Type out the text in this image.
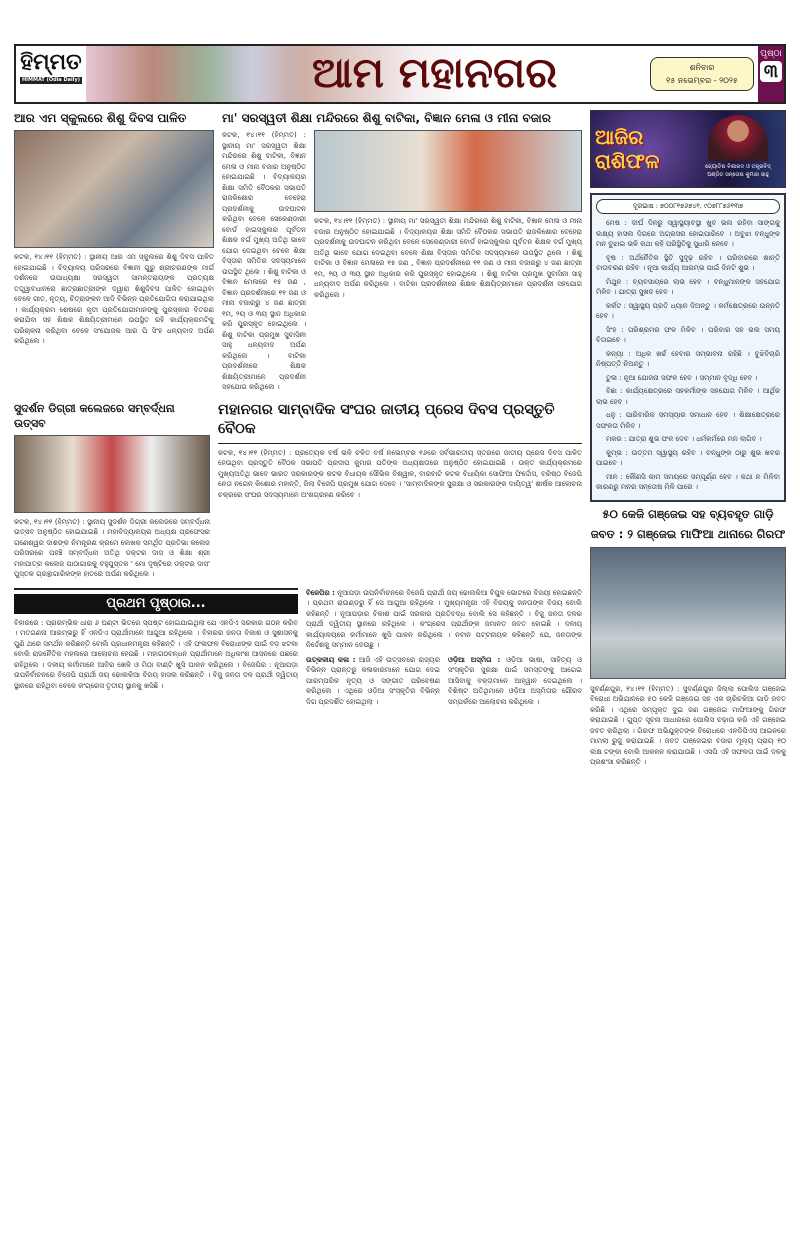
ହିମ୍ମତ
HIMMAT (Odia Daily)	ଆମ ମହାନଗର	ଶନିବାର
୧୫ ନଭେମ୍ବର - ୨୦୨୫
ପୃଷ୍ଠା
୩
ଆର ଏମ ସ୍କୁଲରେ ଶିଶୁ ଦିବସ ପାଳିତ
କଟକ, ୧୪।୧୧ (ହିମ୍ମତ) : ସ୍ଥାନୀୟ ଆର ଏମ ସ୍କୁଲରେ ଶିଶୁ ଦିବସ ପାଳିତ ହୋଇଯାଇଛି । ବିଦ୍ୟାଳୟ ପରିସରରେ ବିଜ୍ଞାନୀ ଗୁରୁ ଶ୍ରୀଚରଣଙ୍କ ମାର୍ଗ ଦର୍ଶନରେ ଉପାଧ୍ୟକ୍ଷା ସରସ୍ୱତୀ ସାମନ୍ତରାୟଙ୍କ ପ୍ରତ୍ୟକ୍ଷ ତତ୍ତ୍ୱାବଧାନରେ ଛାତ୍ରଛାତ୍ରୀଙ୍କ ଦ୍ୱାରା ଶିଶୁଦିବସ ପାଳିତ ହୋଇଥିବା ବେଳେ ଗୀତ, ନୃତ୍ୟ, ଚିତ୍ରାଙ୍କନ ଆଦି ବିଭିନ୍ନ ପ୍ରତିଯୋଗିତା କରାଯାଇଥିଲା । କାର୍ଯ୍ୟକ୍ରମ ଶେଷରେ କୃତୀ ପ୍ରତିଯୋଗୀମାନଙ୍କୁ ପୁରସ୍କାର ବିତରଣ କରାଯିବା ସହ ଶିକ୍ଷକ ଶିକ୍ଷୟିତ୍ରୀମାନେ ଉପସ୍ଥିତ ରହି କାର୍ଯ୍ୟକ୍ରମଟିକୁ ପରିଚାଳନା କରିଥିବା ବେଳେ ସଂଯୋଜକ ଆର ପି ସିଂହ ଧନ୍ୟବାଦ ଅର୍ପଣ କରିଥିଲେ ।
ମା' ସରସ୍ୱତୀ ଶିକ୍ଷା ମନ୍ଦିରରେ ଶିଶୁ ବାଟିକା, ବିଜ୍ଞାନ ମେଳା ଓ ମୀନା ବଜାର
କଟକ, ୧୪।୧୧ (ହିମ୍ମତ) : ସ୍ଥାନୀୟ ମା' ସରସ୍ୱତୀ ଶିକ୍ଷା ମନ୍ଦିରରେ ଶିଶୁ ବାଟିକା, ବିଜ୍ଞାନ ମେଳା ଓ ମୀନା ବଜାର ଅନୁଷ୍ଠିତ ହୋଇଯାଇଛି । ବିଦ୍ୟାଳୟର ଶିକ୍ଷା ସମିତି ବୈଠକର ସଭାପତି ରାଜକିଶୋର ବେହେରା ପ୍ରଦର୍ଶନୀକୁ ଉଦଘାଟନ କରିଥିବା ବେଳେ ସେକେଣ୍ଡାରୀ ବୋର୍ଡ ହାଇସ୍କୁଲର ପୂର୍ବତନ ଶିକ୍ଷକ ବର୍ଗ ମୁଖ୍ୟ ଅତିଥି ଭାବେ ଯୋଗ ଦେଇଥିବା ବେଳେ ଶିକ୍ଷା ବିସ୍ତାର ସମିତିର ସଦସ୍ୟମାନେ ଉପସ୍ଥିତ ଥିଲେ । ଶିଶୁ ବାଟିକା ଓ ବିଜ୍ଞାନ ମେଳାରେ ୧୫ ଜଣ , ବିଜ୍ଞାନ ପ୍ରଦର୍ଶନୀରେ ୧୧ ଜଣ ଓ ମୀନା ବଜାରରୁ ୪ ଜଣ ଛାତ୍ରୀ ୧ମ, ୨ୟ ଓ ୩ୟ ସ୍ଥାନ ଅଧିକାର କରି ପୁରସ୍କୃତ ହୋଇଥିଲେ । ଶିଶୁ ବାଟିକା ପ୍ରମୁଖ ସୁବାସିନୀ ସାହୁ ଧନ୍ୟବାଦ ଅର୍ପଣ କରିଥିଲେ । ବାଟିକା ପ୍ରଦର୍ଶନୀରେ ଶିକ୍ଷକ ଶିକ୍ଷୟିତ୍ରୀମାନେ ପ୍ରଦର୍ଶନୀ ସହଯୋଗ କରିଥିଲେ ।
କଟକ, ୧୪।୧୧ (ହିମ୍ମତ) : ସ୍ଥାନୀୟ ମା' ସରସ୍ୱତୀ ଶିକ୍ଷା ମନ୍ଦିରରେ ଶିଶୁ ବାଟିକା, ବିଜ୍ଞାନ ମେଳା ଓ ମୀନା ବଜାର ଅନୁଷ୍ଠିତ ହୋଇଯାଇଛି । ବିଦ୍ୟାଳୟର ଶିକ୍ଷା ସମିତି ବୈଠକର ସଭାପତି ରାଜକିଶୋର ବେହେରା ପ୍ରଦର୍ଶନୀକୁ ଉଦଘାଟନ କରିଥିବା ବେଳେ ସେକେଣ୍ଡାରୀ ବୋର୍ଡ ହାଇସ୍କୁଲର ପୂର୍ବତନ ଶିକ୍ଷକ ବର୍ଗ ମୁଖ୍ୟ ଅତିଥି ଭାବେ ଯୋଗ ଦେଇଥିବା ବେଳେ ଶିକ୍ଷା ବିସ୍ତାର ସମିତିର ସଦସ୍ୟମାନେ ଉପସ୍ଥିତ ଥିଲେ । ଶିଶୁ ବାଟିକା ଓ ବିଜ୍ଞାନ ମେଳାରେ ୧୫ ଜଣ , ବିଜ୍ଞାନ ପ୍ରଦର୍ଶନୀରେ ୧୧ ଜଣ ଓ ମୀନା ବଜାରରୁ ୪ ଜଣ ଛାତ୍ରୀ ୧ମ, ୨ୟ ଓ ୩ୟ ସ୍ଥାନ ଅଧିକାର କରି ପୁରସ୍କୃତ ହୋଇଥିଲେ । ଶିଶୁ ବାଟିକା ପ୍ରମୁଖ ସୁବାସିନୀ ସାହୁ ଧନ୍ୟବାଦ ଅର୍ପଣ କରିଥିଲେ । ବାଟିକା ପ୍ରଦର୍ଶନୀରେ ଶିକ୍ଷକ ଶିକ୍ଷୟିତ୍ରୀମାନେ ପ୍ରଦର୍ଶନୀ ସହଯୋଗ କରିଥିଲେ ।
ସୁଦର୍ଶନ ଡିଗ୍ରୀ କଲେଜରେ ସମ୍ବର୍ଦ୍ଧନା ଉତ୍ସବ
କଟକ, ୧୪।୧୧ (ହିମ୍ମତ) : ସ୍ଥାନୀୟ ସୁଦର୍ଶନ ଡିଗ୍ରୀ କଲେଜରେ ସମ୍ବର୍ଦ୍ଧନା ଉତ୍ସବ ଅନୁଷ୍ଠିତ ହୋଇଯାଇଛି । ମହାବିଦ୍ୟାଳୟର ଅଧ୍ୟକ୍ଷ ପ୍ରଫେସର ଗଣେଶ୍ୱର ଦାଶଙ୍କ ନିମନ୍ତ୍ରଣ କ୍ରମେ ଲେଖକ ସମର୍ଥିତ ପ୍ରତିଭା କଲେଜ ପରିସରରେ ପହଞ୍ଚି ସମ୍ବର୍ଦ୍ଧନା ଅତିଥି ଡକ୍ଟର ଦାସ ଓ ଶିକ୍ଷା ଶ୍ରୀ ମହାପାତ୍ର କଲେଜ ପାଠାଗାରକୁ ବହୁପୁସ୍ତକ ' ମୋ ଦୃଷ୍ଟିରେ ଡକ୍ଟର ଦାସ' ପୁସ୍ତକ ଗ୍ରନ୍ଥାଗାରିକଙ୍କ ହାତରେ ଅର୍ପଣ କରିଥିଲେ ।
ମହାନଗର ସାମ୍ବାଦିକ ସଂଘର ଜାତୀୟ ପ୍ରେସ ଦିବସ ପ୍ରସ୍ତୁତି ବୈଠକ
କଟକ, ୧୪।୧୧ (ହିମ୍ମତ) : ପ୍ରତ୍ୟେକ ବର୍ଷ ଭଳି ଚଳିତ ବର୍ଷ ନଭେମ୍ବର ୧୬ରେ ସର୍ବଭାରତୀୟ ସ୍ତରରେ ଜାତୀୟ ପ୍ରେସ ଦିବସ ପାଳିତ ହେଉଥିବା ପ୍ରସ୍ତୁତି ବୈଠକ ସଭାପତି ପ୍ରଦୀପ କୁମାର ପତିଙ୍କ ଅଧ୍ୟକ୍ଷତାରେ ଅନୁଷ୍ଠିତ ହୋଇଯାଇଛି । ଉକ୍ତ କାର୍ଯ୍ୟକ୍ରମରେ ମୁଖ୍ୟଅତିଥି ଭାବେ ଭାରତ ସରକାରଙ୍କ କଟକ ବିଧାୟକ ସୌଭିକ ବିଶ୍ୱାଳ, ବାରବାଟି କଟକ ବିଧାୟିକା ସୋଫିଆ ଫିର୍ଦ୍ଦୋସ, ବରିଷ୍ଠ ବିଜେପି ନେତା ନଗେନ କିଶୋର ମହାନ୍ତି, ଜିଲା ବିଜେପି ପ୍ରମୁଖ ଯୋଗ ଦେବେ । 'ସାମ୍ବାଦିକଙ୍କ ସୁରକ୍ଷା ଓ ସରକାରଙ୍କ ଦାୟିତ୍ୱ' ଶୀର୍ଷକ ଆଲୋଚନା ଚକ୍ରରେ ସଂଘର ସଦସ୍ୟମାନେ ଅଂଶଗ୍ରହଣ କରିବେ ।
ପ୍ରଥମ ପୃଷ୍ଠାର...
ବିହାରରେ : ପ୍ରାରମ୍ଭିକ ଧାରା ୬ ଘଣ୍ଟା ଭିତରେ ସ୍ପଷ୍ଟ ହୋଇଯାଇଥିଲା ଯେ ଏନଡିଏ ସରକାର ଗଠନ କରିବ । ମତଗଣନା ଆରମ୍ଭରୁ ହିଁ ଏନଡିଏ ପ୍ରାର୍ଥୀମାନେ ଆଗୁଆ ରହିଥିଲେ । ବିହାରର ଜନତା ବିକାଶ ଓ ସୁଶାସନକୁ ପୁଣି ଥରେ ସମର୍ଥନ କରିଛନ୍ତି ବୋଲି ପ୍ରଧାନମନ୍ତ୍ରୀ କହିଛନ୍ତି । ଏହି ଫଳାଫଳ ବିରୋଧୀଙ୍କ ପାଇଁ ବଡ଼ ଝଟକା ବୋଲି ରାଜନୈତିକ ମହଲରେ ଆଲୋଚନା ହେଉଛି । ମହାଗଠବନ୍ଧନ ପ୍ରାର୍ଥୀମାନେ ଅଧିକାଂଶ ଆସନରେ ପଛରେ ରହିଥିଲେ । ଦଳୀୟ କର୍ମୀମାନେ ଆବିର ଖେଳି ଓ ମିଠା ବାଣ୍ଟି ଖୁସି ପାଳନ କରିଥିଲେ । ବିଜେପିର : ନୂଆପଡ଼ା ଉପନିର୍ବାଚନରେ ବିଜେପି ପ୍ରାର୍ଥୀ ଜୟ ଢୋଲକିଆ ବିଜୟ ହାସଲ କରିଛନ୍ତି । ବିଜୁ ଜନତା ଦଳ ପ୍ରାର୍ଥୀ ଦ୍ୱିତୀୟ ସ୍ଥାନରେ ରହିଥିବା ବେଳେ କଂଗ୍ରେସ ତୃତୀୟ ସ୍ଥାନକୁ ଖସିଛି ।
ବିଜେପିର : ନୂଆପଡ଼ା ଉପନିର୍ବାଚନରେ ବିଜେପି ପ୍ରାର୍ଥୀ ଜୟ ଢୋଲକିଆ ବିପୁଳ ଭୋଟରେ ବିଜୟୀ ହୋଇଛନ୍ତି । ପ୍ରଥମ ରାଉଣ୍ଡରୁ ହିଁ ସେ ଆଗୁଆ ରହିଥିଲେ । ମୁଖ୍ୟମନ୍ତ୍ରୀ ଏହି ବିଜୟକୁ ଜନତାଙ୍କ ବିଜୟ ବୋଲି କହିଛନ୍ତି । ନୂଆପଡ଼ାର ବିକାଶ ପାଇଁ ସରକାର ପ୍ରତିବଦ୍ଧ ବୋଲି ସେ କହିଛନ୍ତି । ବିଜୁ ଜନତା ଦଳର ପ୍ରାର୍ଥୀ ଦ୍ୱିତୀୟ ସ୍ଥାନରେ ରହିଥିଲେ । କଂଗ୍ରେସ ପ୍ରାର୍ଥୀଙ୍କ ଜମାନତ ଜବତ ହୋଇଛି । ଦଳୀୟ କାର୍ଯ୍ୟାଳୟରେ କର୍ମୀମାନେ ଖୁସି ପାଳନ କରିଥିଲେ । ନବୀନ ପଟ୍ଟନାୟକ କହିଛନ୍ତି ଯେ, ଜନତାଙ୍କ ନିର୍ଦ୍ଦେଶକୁ ସମ୍ମାନ ଦେଉଛୁ ।
ଉତ୍କଳୀୟ କଳା : ଆଜି ଏହି ଉତ୍ସବରେ ରାଜ୍ୟର ବିଭିନ୍ନ ପ୍ରାନ୍ତରୁ କଳାକାରମାନେ ଯୋଗ ଦେଇ ପାରମ୍ପରିକ ନୃତ୍ୟ ଓ ସଙ୍ଗୀତ ପରିବେଷଣ କରିଥିଲେ । ଏଥିରେ ଓଡ଼ିଆ ସଂସ୍କୃତିର ବିଭିନ୍ନ ଦିଗ ପ୍ରଦର୍ଶିତ ହୋଇଥିଲା ।
ଓଡ଼ିଆ ଅସ୍ମିତା : ଓଡ଼ିଆ ଭାଷା, ସାହିତ୍ୟ ଓ ସଂସ୍କୃତିର ସୁରକ୍ଷା ପାଇଁ ସମସ୍ତଙ୍କୁ ଆଗେଇ ଆସିବାକୁ ବକ୍ତାମାନେ ଆହ୍ୱାନ ଦେଇଥିଲେ । ବିଶିଷ୍ଟ ଅତିଥିମାନେ ଓଡ଼ିଆ ଅସ୍ମିତାର ଗୌରବ ସମ୍ପର୍କରେ ଆଲୋଚନା କରିଥିଲେ ।
ଆଜିର ରାଶିଫଳ	ଜ୍ୟୋତିଷ ବିଶାରଦ ଓ ତନ୍ତ୍ରବିଦ୍
ପଣ୍ଡିତ ସନ୍ତୋଷ କୁମାର ସାହୁ
ଦୂରଭାଷ : ୭୦୦୮୧୭୬୭୪୧, ୯୦୭୮୮୭୬୧୩୭

ମେଷ : ଦୀର୍ଘ ଦିନରୁ ସ୍ୱାସ୍ଥ୍ୟାବସ୍ଥା ଖୁବ ଭଲ ରହିବା ସାଙ୍ଗକୁ ଲକ୍ଷ୍ୟ ହାସଲ ଦିଗରେ ଅଗ୍ରସର ହୋଇପାରିବେ । ଅବୁଝା ବନ୍ଧୁଙ୍କ ମନ ବୁଝାଇ ଭଳି କଥା କହି ପରିସ୍ଥିତିକୁ ସୁଧାରି ନେବେ ।

ବୃଷ : ଅର୍ଥନୈତିକ ସ୍ଥିତି ସୁଦୃଢ଼ ରହିବ । ପରିବାରରେ ଶାନ୍ତି ବାତାବରଣ ରହିବ । ନୂଆ କାର୍ଯ୍ୟ ଆରମ୍ଭ ପାଇଁ ଦିନଟି ଶୁଭ ।

ମିଥୁନ : ବ୍ୟବସାୟରେ ଲାଭ ହେବ । ବନ୍ଧୁମାନଙ୍କ ସହଯୋଗ ମିଳିବ । ଯାତ୍ରା ସୁଖଦ ହେବ ।

କର୍କଟ : ସ୍ୱାସ୍ଥ୍ୟ ପ୍ରତି ଧ୍ୟାନ ଦିଅନ୍ତୁ । କର୍ମକ୍ଷେତ୍ରରେ ଉନ୍ନତି ହେବ ।

ସିଂହ : ପରିଶ୍ରମର ଫଳ ମିଳିବ । ପରିବାର ସହ ଭଲ ସମୟ ବିତାଇବେ ।

କନ୍ୟା : ଅଧିକ ଖର୍ଚ୍ଚ ହେବାର ସମ୍ଭାବନା ରହିଛି । ବୁଝିବିଚାରି ନିଷ୍ପତ୍ତି ନିଅନ୍ତୁ ।

ତୁଳା : ନୂଆ ଯୋଜନା ସଫଳ ହେବ । ସମ୍ମାନ ବୃଦ୍ଧି ହେବ ।

ବିଛା : କାର୍ଯ୍ୟକ୍ଷେତ୍ରରେ ସହକର୍ମୀଙ୍କ ସହଯୋଗ ମିଳିବ । ଆର୍ଥିକ ଲାଭ ହେବ ।

ଧନୁ : ପାରିବାରିକ ସମସ୍ୟାର ସମାଧାନ ହେବ । ଶିକ୍ଷାକ୍ଷେତ୍ରରେ ସଫଳତା ମିଳିବ ।

ମକର : ଯାତ୍ରା ଶୁଭ ଫଳ ଦେବ । ଧର୍ମକର୍ମରେ ମନ ଲାଗିବ ।

କୁମ୍ଭ : ଉତ୍ତମ ସ୍ୱାସ୍ଥ୍ୟ ରହିବ । ବନ୍ଧୁଙ୍କ ଠାରୁ ଶୁଭ ଖବର ପାଇବେ ।

ମୀନ : କୌଣସି କାମ ସମୟରେ ସମ୍ପୂର୍ଣ୍ଣ ହେବ । କଥା ନ ମିଳିବା କାରଣରୁ ମନର ସନ୍ତୋଷ ମିଳି ପାରେ ।

୫୦ କେଜି ଗଞ୍ଜେଇ ସହ ବ୍ୟବହୃତ ଗାଡ଼ି
ଜବତ : ୨ ଗଞ୍ଜେଇ ମାଫିଆ ଥାନାରେ ଗିରଫ
ସୁବର୍ଣ୍ଣପୁର, ୧୪।୧୧ (ହିମ୍ମତ) : ସୁବର୍ଣ୍ଣପୁର ଜିଲ୍ଲା ପୋଲିସ ଗଞ୍ଜେଇ ବିରୋଧୀ ଅଭିଯାନରେ ୫୦ କେଜି ଗଞ୍ଜେଇ ସହ ଏକ ଚାରିଚକିଆ ଗାଡ଼ି ଜବତ କରିଛି । ଏଥିରେ ସମ୍ପୃକ୍ତ ଦୁଇ ଜଣ ଗଞ୍ଜେଇ ମାଫିଆଙ୍କୁ ଗିରଫ କରାଯାଇଛି । ଗୁପ୍ତ ସୂଚନା ଆଧାରରେ ପୋଲିସ ଚଢ଼ାଉ କରି ଏହି ଗଞ୍ଜେଇ ଜବତ କରିଥିଲା । ଗିରଫ ଅଭିଯୁକ୍ତଙ୍କ ବିରୋଧରେ ଏନଡିପିଏସ ଆଇନରେ ମାମଲା ରୁଜୁ କରାଯାଇଛି । ଜବତ ଗଞ୍ଜେଇର ବଜାର ମୂଲ୍ୟ ପ୍ରାୟ ୧୦ ଲକ୍ଷ ଟଙ୍କା ବୋଲି ଆକଳନ କରାଯାଉଛି । ଏସପି ଏହି ସଫଳତା ପାଇଁ ଦଳକୁ ପ୍ରଶଂସା କରିଛନ୍ତି ।
